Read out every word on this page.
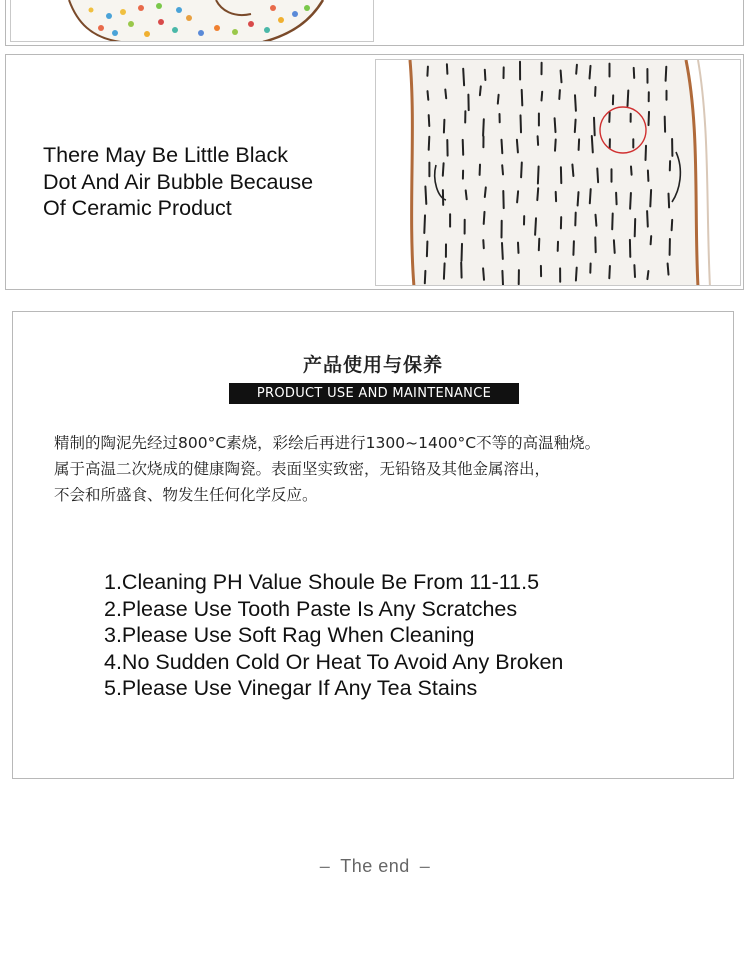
There May Be Little Black
Dot And Air Bubble Because
Of Ceramic Product

产品使用与保养
PRODUCT USE AND MAINTENANCE

精制的陶泥先经过800°C素烧，彩绘后再进行1300~1400°C不等的高温釉烧。
属于高温二次烧成的健康陶瓷。表面坚实致密，无铅铬及其他金属溶出，
不会和所盛食、物发生任何化学反应。

1.Cleaning PH Value Shoule Be From 11-11.5
2.Please Use Tooth Paste Is Any Scratches
3.Please Use Soft Rag When Cleaning
4.No Sudden Cold Or Heat To Avoid Any Broken
5.Please Use Vinegar If Any Tea Stains
– The end –
